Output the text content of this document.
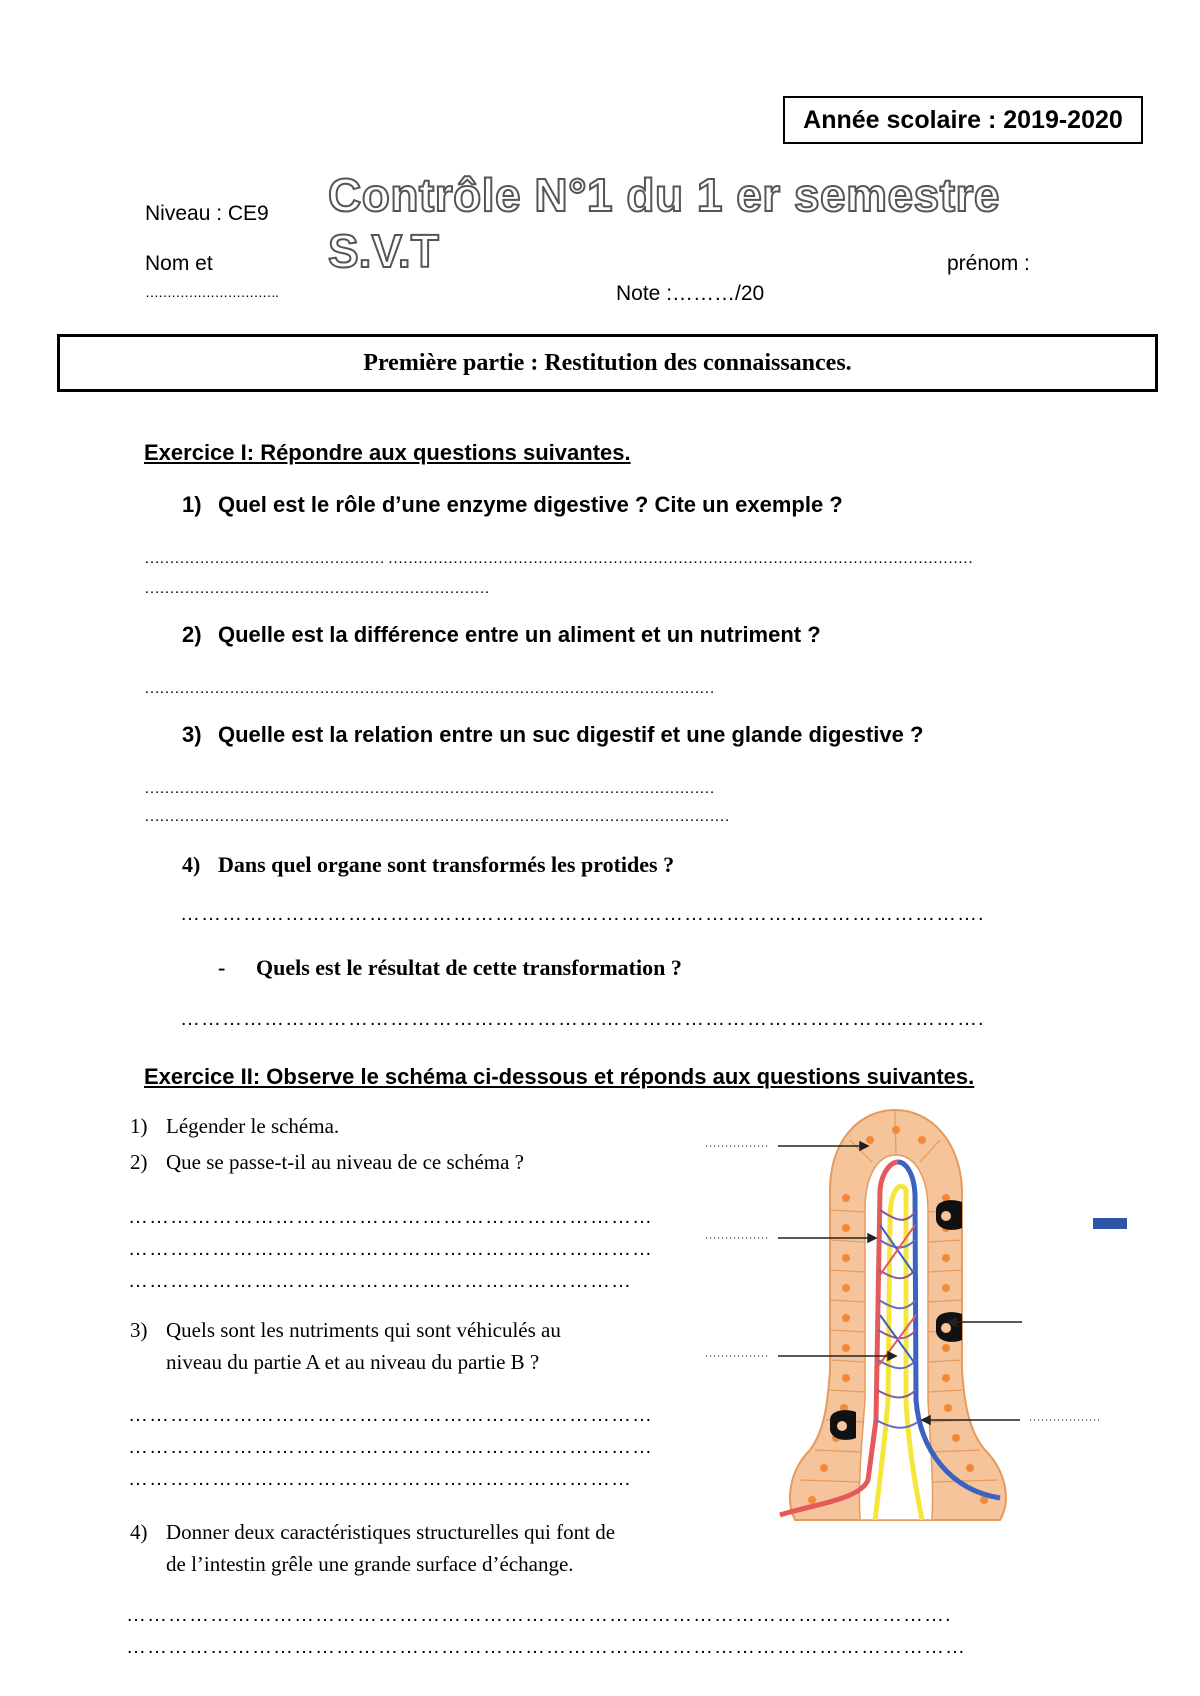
Année scolaire : 2019-2020
Contrôle N°1 du 1 er semestre
S.V.T
Niveau : CE9
Nom et	prénom :
………………………….	Note :………/20
Première partie : Restitution des connaissances.
Exercice I: Répondre aux questions suivantes.
1) Quel est le rôle d’une enzyme digestive ? Cite un exemple ?
………………………………………… ………………………………………………………………………………………………………
……………………………………………………………
2) Quelle est la différence entre un aliment et un nutriment ?
……………………………………………………………………………………………………
3) Quelle est la relation entre un suc digestif et une glande digestive ?
……………………………………………………………………………………………………
………………………………………………………………………………………………………
4) Dans quel organe sont transformés les protides ?
…………………………………………………………………………………………………….
- Quels est le résultat de cette transformation ?
…………………………………………………………………………………………………….
Exercice II: Observe le schéma ci-dessous et réponds aux questions suivantes.
1) Légender le schéma.
2) Que se passe-t-il au niveau de ce schéma ?
…………………………………………………………………
…………………………………………………………………
………………………………………………………………
3) Quels sont les nutriments qui sont véhiculés au
niveau du partie A et au niveau du partie B ?
…………………………………………………………………
…………………………………………………………………
………………………………………………………………
4) Donner deux caractéristiques structurelles qui font de
de l’intestin grêle une grande surface d’échange.
……………………………………………………………………………………………………….
…………………………………………………………………………………………………………
